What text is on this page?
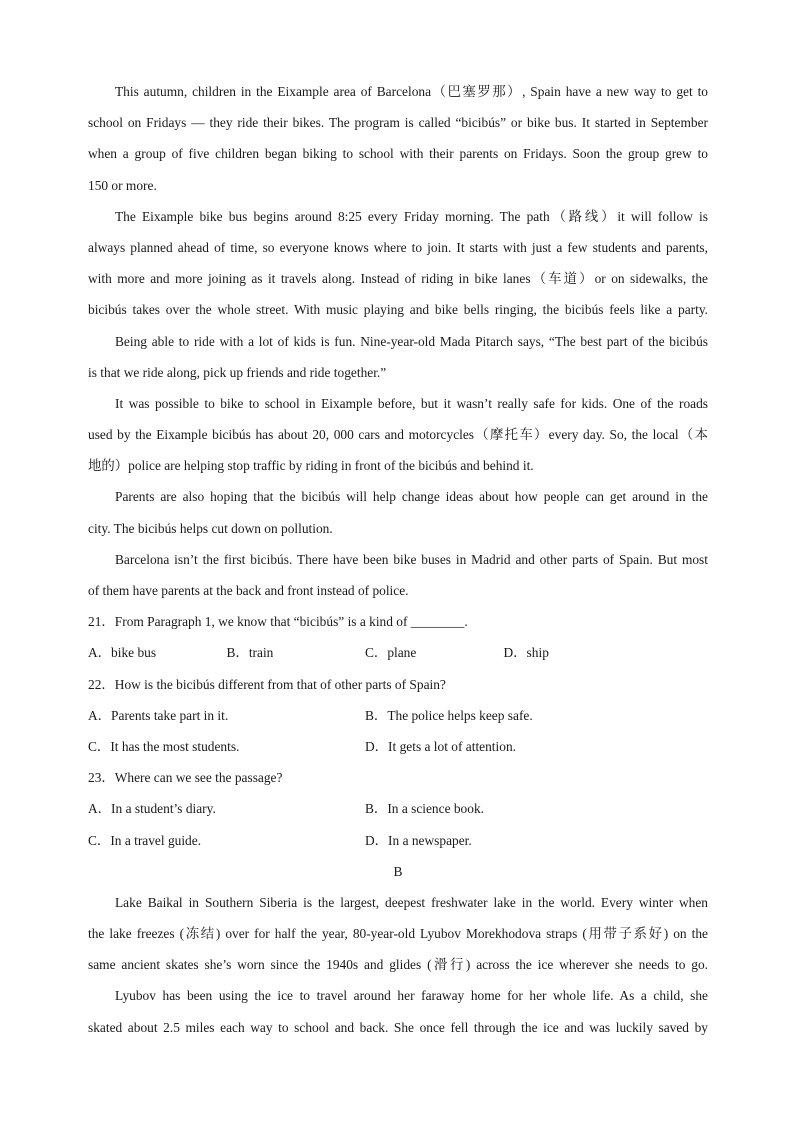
This autumn, children in the Eixample area of Barcelona（巴塞罗那）, Spain have a new way to get to
school on Fridays — they ride their bikes. The program is called “bicibús” or bike bus. It started in September
when a group of five children began biking to school with their parents on Fridays. Soon the group grew to
150 or more.
The Eixample bike bus begins around 8:25 every Friday morning. The path（路线）it will follow is
always planned ahead of time, so everyone knows where to join. It starts with just a few students and parents,
with more and more joining as it travels along. Instead of riding in bike lanes（车道）or on sidewalks, the
bicibús takes over the whole street. With music playing and bike bells ringing, the bicibús feels like a party.
Being able to ride with a lot of kids is fun. Nine-year-old Mada Pitarch says, “The best part of the bicibús
is that we ride along, pick up friends and ride together.”
It was possible to bike to school in Eixample before, but it wasn’t really safe for kids. One of the roads
used by the Eixample bicibús has about 20, 000 cars and motorcycles（摩托车）every day. So, the local（本
地的）police are helping stop traffic by riding in front of the bicibús and behind it.
Parents are also hoping that the bicibús will help change ideas about how people can get around in the
city. The bicibús helps cut down on pollution.
Barcelona isn’t the first bicibús. There have been bike buses in Madrid and other parts of Spain. But most
of them have parents at the back and front instead of police.
21．From Paragraph 1, we know that “bicibús” is a kind of ________.
A．bike bus	B．train	C．plane	D．ship
22．How is the bicibús different from that of other parts of Spain?
A．Parents take part in it.	B．The police helps keep safe.
C．It has the most students.	D．It gets a lot of attention.
23．Where can we see the passage?
A．In a student’s diary.	B．In a science book.
C．In a travel guide.	D．In a newspaper.
B
Lake Baikal in Southern Siberia is the largest, deepest freshwater lake in the world. Every winter when
the lake freezes (冻结) over for half the year, 80-year-old Lyubov Morekhodova straps (用带子系好) on the
same ancient skates she’s worn since the 1940s and glides (滑行) across the ice wherever she needs to go.
Lyubov has been using the ice to travel around her faraway home for her whole life. As a child, she
skated about 2.5 miles each way to school and back. She once fell through the ice and was luckily saved by
